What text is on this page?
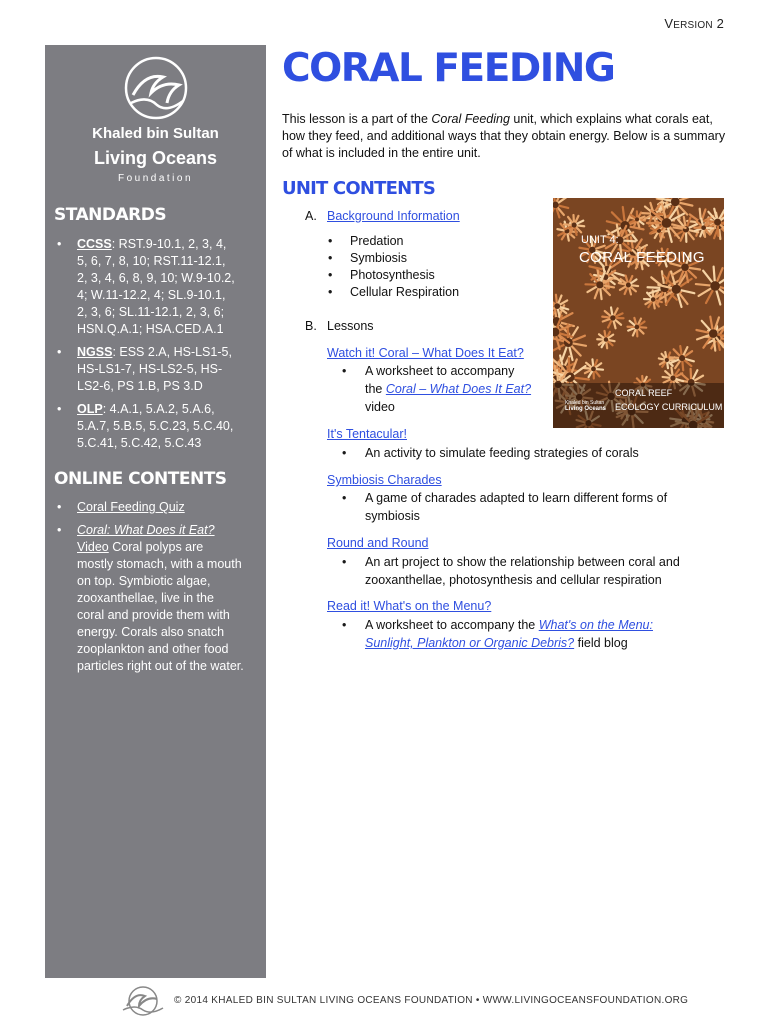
VERSION 2
Khaled bin Sultan
Living Oceans
Foundation
STANDARDS
• CCSS: RST.9-10.1, 2, 3, 4,
5, 6, 7, 8, 10; RST.11-12.1,
2, 3, 4, 6, 8, 9, 10; W.9-10.2,
4; W.11-12.2, 4; SL.9-10.1,
2, 3, 6; SL.11-12.1, 2, 3, 6;
HSN.Q.A.1; HSA.CED.A.1
• NGSS: ESS 2.A, HS-LS1-5,
HS-LS1-7, HS-LS2-5, HS-
LS2-6, PS 1.B, PS 3.D
• OLP: 4.A.1, 5.A.2, 5.A.6,
5.A.7, 5.B.5, 5.C.23, 5.C.40,
5.C.41, 5.C.42, 5.C.43
ONLINE CONTENTS
• Coral Feeding Quiz
• Coral: What Does it Eat?
Video Coral polyps are
mostly stomach, with a mouth
on top. Symbiotic algae,
zooxanthellae, live in the
coral and provide them with
energy. Corals also snatch
zooplankton and other food
particles right out of the water.
CORAL FEEDING
This lesson is a part of the Coral Feeding unit, which explains what corals eat, how they feed, and additional ways that they obtain energy. Below is a summary of what is included in the entire unit.
UNIT CONTENTS
A. Background Information
• Predation
• Symbiosis
• Photosynthesis
• Cellular Respiration
B. Lessons
Watch it! Coral – What Does It Eat?
• A worksheet to accompany
the Coral – What Does It Eat?
video
It's Tentacular!
• An activity to simulate feeding strategies of corals
Symbiosis Charades
• A game of charades adapted to learn different forms of
symbiosis
Round and Round
• An art project to show the relationship between coral and
zooxanthellae, photosynthesis and cellular respiration
Read it! What's on the Menu?
• A worksheet to accompany the What's on the Menu:
Sunlight, Plankton or Organic Debris? field blog
UNIT 4:
CORAL FEEDING
Khaled bin Sultan
Living Oceans
CORAL REEF
ECOLOGY CURRICULUM
© 2014 KHALED BIN SULTAN LIVING OCEANS FOUNDATION • WWW.LIVINGOCEANSFOUNDATION.ORG
